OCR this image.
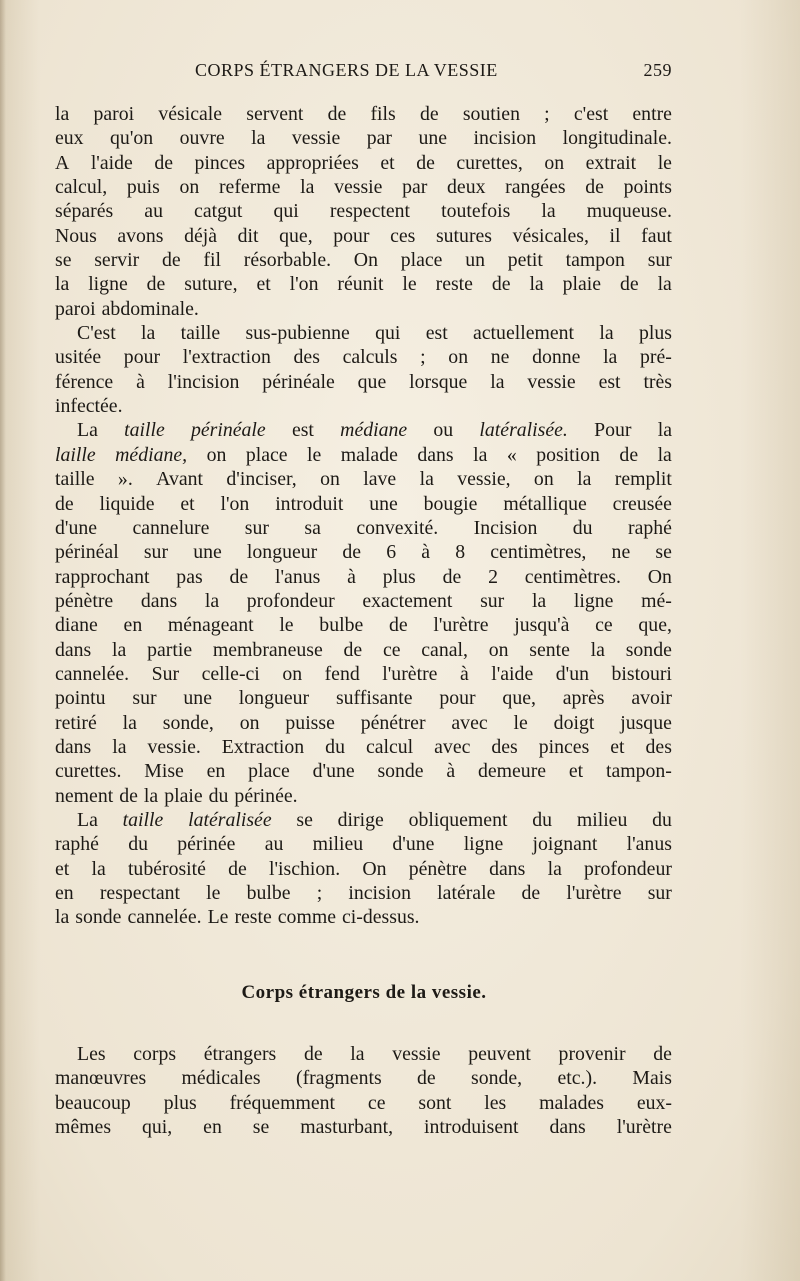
CORPS ÉTRANGERS DE LA VESSIE	259
la paroi vésicale servent de fils de soutien ; c'est entre
eux qu'on ouvre la vessie par une incision longitudinale.
A l'aide de pinces appropriées et de curettes, on extrait le
calcul, puis on referme la vessie par deux rangées de points
séparés au catgut qui respectent toutefois la muqueuse.
Nous avons déjà dit que, pour ces sutures vésicales, il faut
se servir de fil résorbable. On place un petit tampon sur
la ligne de suture, et l'on réunit le reste de la plaie de la
paroi abdominale.
C'est la taille sus-pubienne qui est actuellement la plus
usitée pour l'extraction des calculs ; on ne donne la pré-
férence à l'incision périnéale que lorsque la vessie est très
infectée.
La taille périnéale est médiane ou latéralisée. Pour la
laille médiane, on place le malade dans la « position de la
taille ». Avant d'inciser, on lave la vessie, on la remplit
de liquide et l'on introduit une bougie métallique creusée
d'une cannelure sur sa convexité. Incision du raphé
périnéal sur une longueur de 6 à 8 centimètres, ne se
rapprochant pas de l'anus à plus de 2 centimètres. On
pénètre dans la profondeur exactement sur la ligne mé-
diane en ménageant le bulbe de l'urètre jusqu'à ce que,
dans la partie membraneuse de ce canal, on sente la sonde
cannelée. Sur celle-ci on fend l'urètre à l'aide d'un bistouri
pointu sur une longueur suffisante pour que, après avoir
retiré la sonde, on puisse pénétrer avec le doigt jusque
dans la vessie. Extraction du calcul avec des pinces et des
curettes. Mise en place d'une sonde à demeure et tampon-
nement de la plaie du périnée.
La taille latéralisée se dirige obliquement du milieu du
raphé du périnée au milieu d'une ligne joignant l'anus
et la tubérosité de l'ischion. On pénètre dans la profondeur
en respectant le bulbe ; incision latérale de l'urètre sur
la sonde cannelée. Le reste comme ci-dessus.
Corps étrangers de la vessie.
Les corps étrangers de la vessie peuvent provenir de
manœuvres médicales (fragments de sonde, etc.). Mais
beaucoup plus fréquemment ce sont les malades eux-
mêmes qui, en se masturbant, introduisent dans l'urètre
